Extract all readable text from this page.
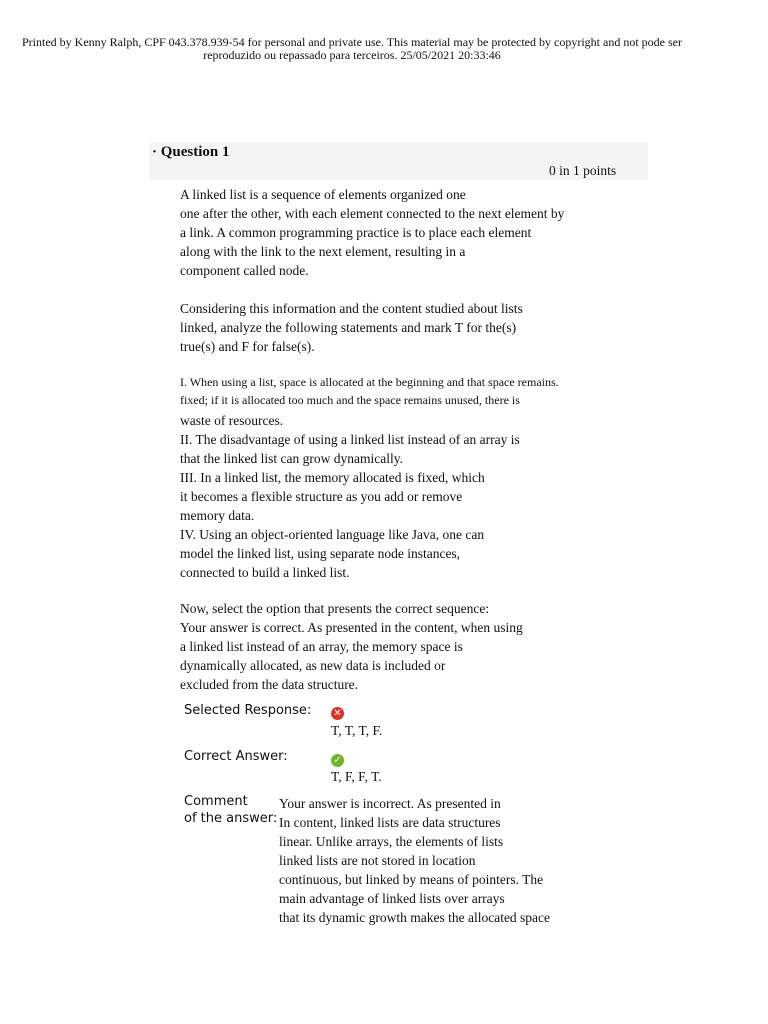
Printed by Kenny Ralph, CPF 043.378.939-54 for personal and private use. This material may be protected by copyright and not pode ser reproduzido ou repassado para terceiros. 25/05/2021 20:33:46
· Question 1
0 in 1 points
A linked list is a sequence of elements organized one
one after the other, with each element connected to the next element by
a link. A common programming practice is to place each element
along with the link to the next element, resulting in a
component called node.
Considering this information and the content studied about lists
linked, analyze the following statements and mark T for the(s)
true(s) and F for false(s).
I. When using a list, space is allocated at the beginning and that space remains.
fixed; if it is allocated too much and the space remains unused, there is
waste of resources.
II. The disadvantage of using a linked list instead of an array is
that the linked list can grow dynamically.
III. In a linked list, the memory allocated is fixed, which
it becomes a flexible structure as you add or remove
memory data.
IV. Using an object-oriented language like Java, one can
model the linked list, using separate node instances,
connected to build a linked list.
Now, select the option that presents the correct sequence:
Your answer is correct. As presented in the content, when using
a linked list instead of an array, the memory space is
dynamically allocated, as new data is included or
excluded from the data structure.
Selected Response: ✕
T, T, T, F.
Correct Answer:	✓
T, F, F, T.
Comment
of the answer:
Your answer is incorrect. As presented in
In content, linked lists are data structures
linear. Unlike arrays, the elements of lists
linked lists are not stored in location
continuous, but linked by means of pointers. The
main advantage of linked lists over arrays
that its dynamic growth makes the allocated space
